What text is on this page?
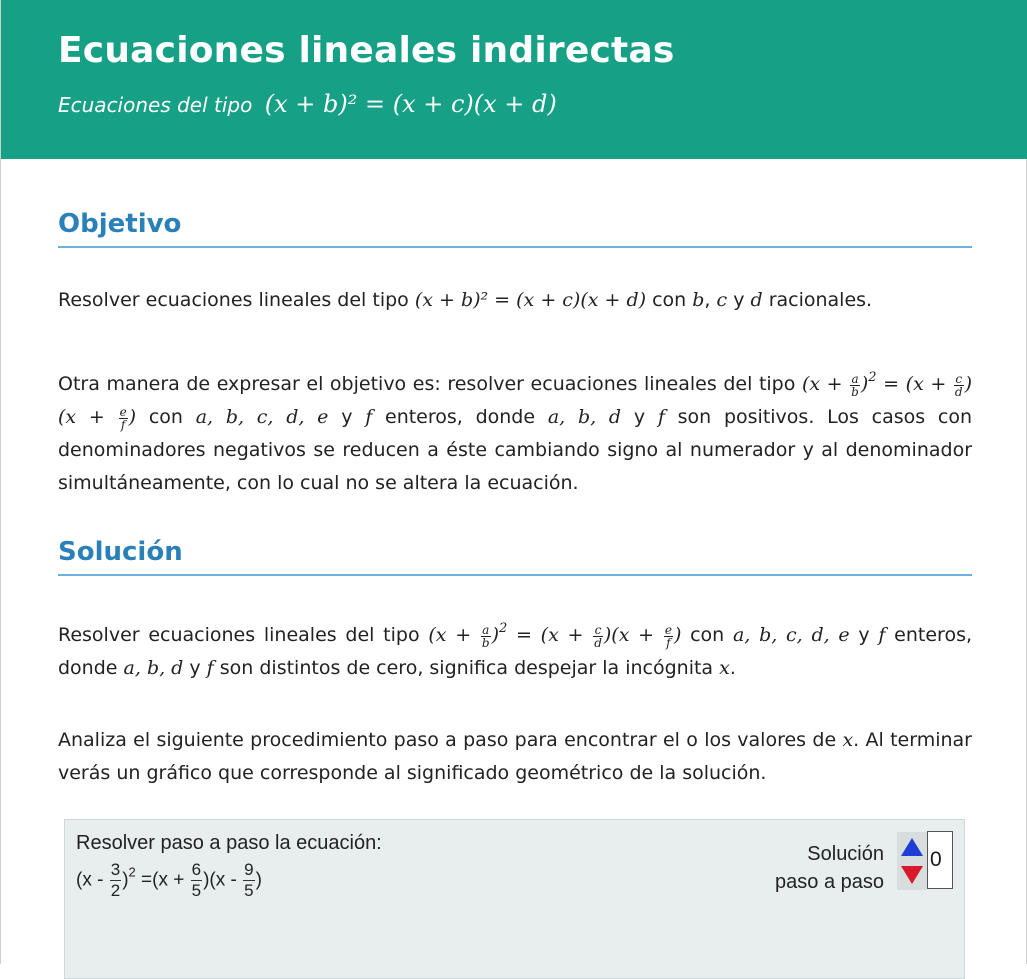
Ecuaciones lineales indirectas
Ecuaciones del tipo (x + b)² = (x + c)(x + d)
Objetivo
Resolver ecuaciones lineales del tipo (x + b)² = (x + c)(x + d) con b, c y d racionales.
Otra manera de expresar el objetivo es: resolver ecuaciones lineales del tipo $(x + \frac{a}{b} )^2 = (x + \frac{c}{d} )(x + \frac{e}{f}$ ) con a, b, c, d, e y f enteros, donde a, b, d y f son positivos. Los casos con denominadores negativos se reducen a éste cambiando signo al numerador y al denominador simultáneamente, con lo cual no se altera la ecuación.
Solución
Resolver ecuaciones lineales del tipo $(x + \frac{a}{b} )^2 = (x + \frac{c}{d} )(x + \frac{e}{f}$ ) con a, b, c, d, e y f enteros, donde a, b, d y f son distintos de cero, significa despejar la incógnita x.
Analiza el siguiente procedimiento paso a paso para encontrar el o los valores de x. Al terminar verás un gráfico que corresponde al significado geométrico de la solución.
Resolver paso a paso la ecuación:
$(x - \frac{3}{2} )^2 =(x + \frac{6}{5} )(x - \frac{9}{5}$ )
Solución
paso a paso
0
